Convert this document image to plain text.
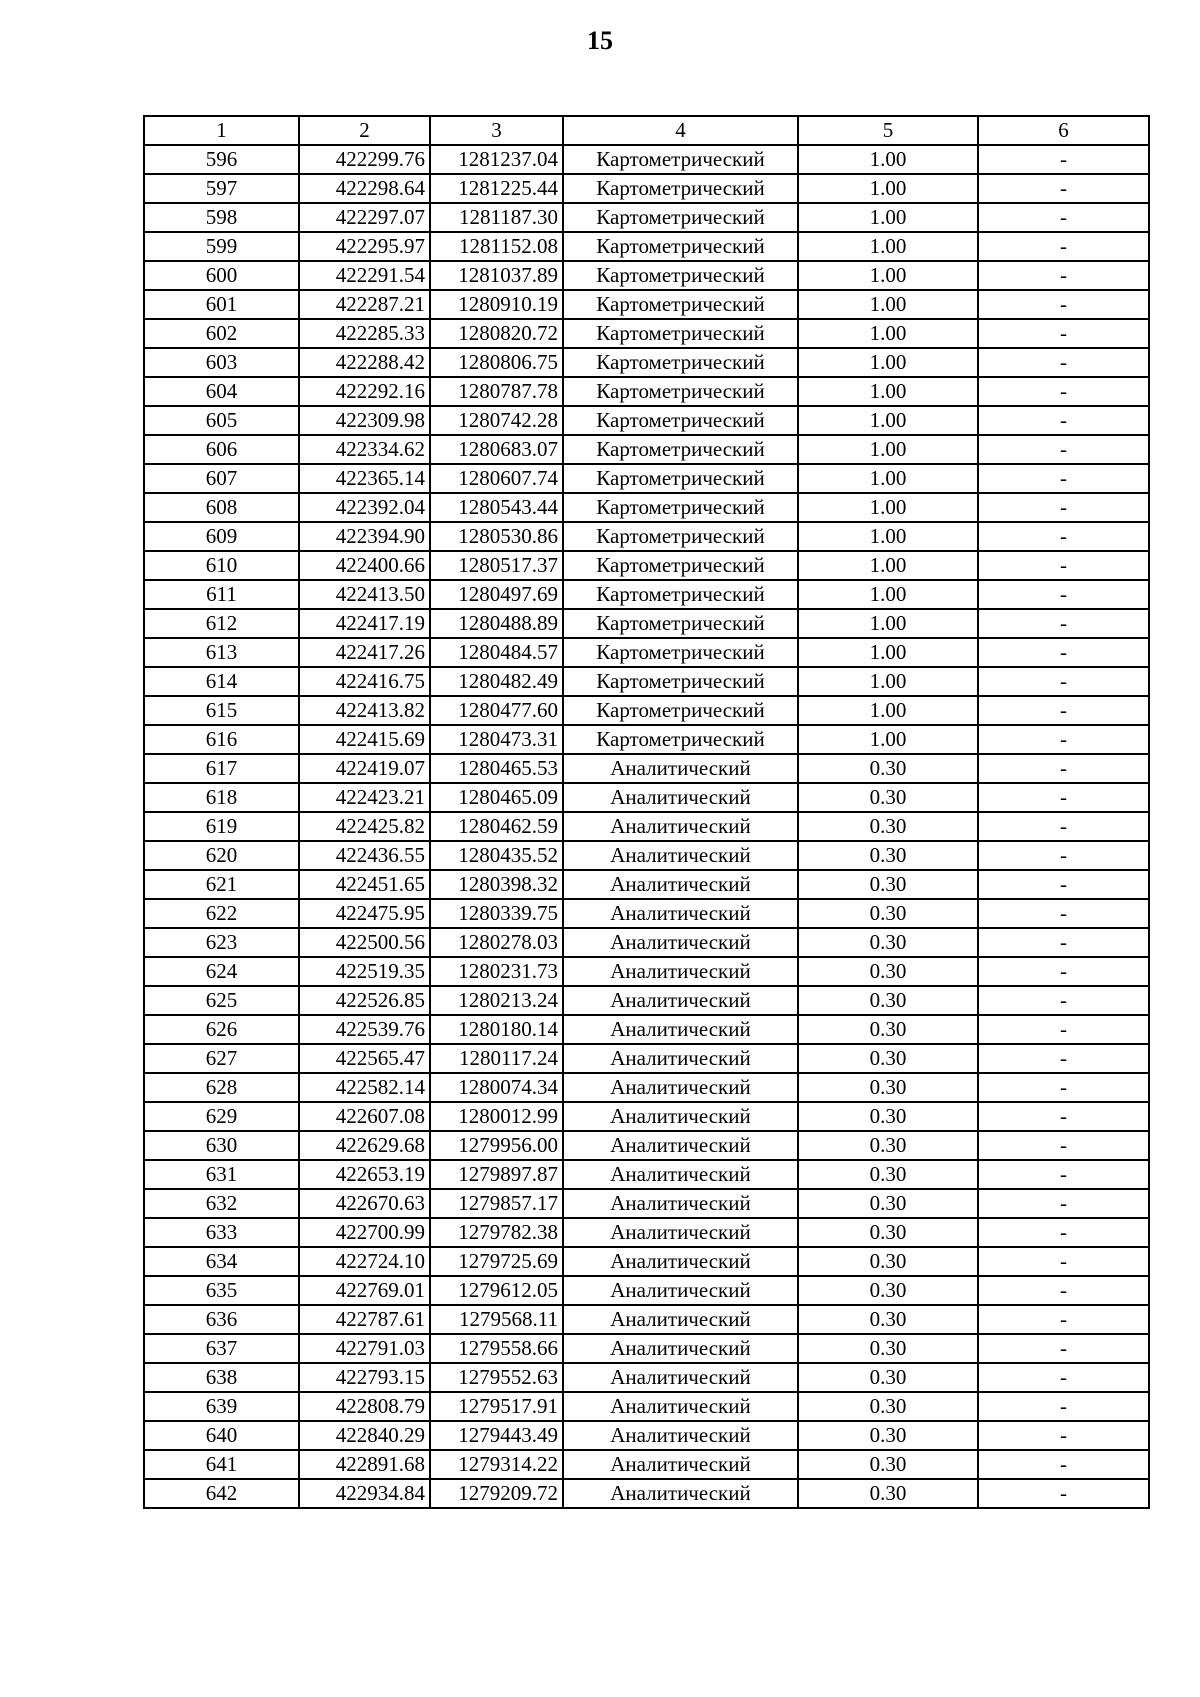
15
1	2	3	4	5	6
596	422299.76	1281237.04	Картометрический	1.00	-
597	422298.64	1281225.44	Картометрический	1.00	-
598	422297.07	1281187.30	Картометрический	1.00	-
599	422295.97	1281152.08	Картометрический	1.00	-
600	422291.54	1281037.89	Картометрический	1.00	-
601	422287.21	1280910.19	Картометрический	1.00	-
602	422285.33	1280820.72	Картометрический	1.00	-
603	422288.42	1280806.75	Картометрический	1.00	-
604	422292.16	1280787.78	Картометрический	1.00	-
605	422309.98	1280742.28	Картометрический	1.00	-
606	422334.62	1280683.07	Картометрический	1.00	-
607	422365.14	1280607.74	Картометрический	1.00	-
608	422392.04	1280543.44	Картометрический	1.00	-
609	422394.90	1280530.86	Картометрический	1.00	-
610	422400.66	1280517.37	Картометрический	1.00	-
611	422413.50	1280497.69	Картометрический	1.00	-
612	422417.19	1280488.89	Картометрический	1.00	-
613	422417.26	1280484.57	Картометрический	1.00	-
614	422416.75	1280482.49	Картометрический	1.00	-
615	422413.82	1280477.60	Картометрический	1.00	-
616	422415.69	1280473.31	Картометрический	1.00	-
617	422419.07	1280465.53	Аналитический	0.30	-
618	422423.21	1280465.09	Аналитический	0.30	-
619	422425.82	1280462.59	Аналитический	0.30	-
620	422436.55	1280435.52	Аналитический	0.30	-
621	422451.65	1280398.32	Аналитический	0.30	-
622	422475.95	1280339.75	Аналитический	0.30	-
623	422500.56	1280278.03	Аналитический	0.30	-
624	422519.35	1280231.73	Аналитический	0.30	-
625	422526.85	1280213.24	Аналитический	0.30	-
626	422539.76	1280180.14	Аналитический	0.30	-
627	422565.47	1280117.24	Аналитический	0.30	-
628	422582.14	1280074.34	Аналитический	0.30	-
629	422607.08	1280012.99	Аналитический	0.30	-
630	422629.68	1279956.00	Аналитический	0.30	-
631	422653.19	1279897.87	Аналитический	0.30	-
632	422670.63	1279857.17	Аналитический	0.30	-
633	422700.99	1279782.38	Аналитический	0.30	-
634	422724.10	1279725.69	Аналитический	0.30	-
635	422769.01	1279612.05	Аналитический	0.30	-
636	422787.61	1279568.11	Аналитический	0.30	-
637	422791.03	1279558.66	Аналитический	0.30	-
638	422793.15	1279552.63	Аналитический	0.30	-
639	422808.79	1279517.91	Аналитический	0.30	-
640	422840.29	1279443.49	Аналитический	0.30	-
641	422891.68	1279314.22	Аналитический	0.30	-
642	422934.84	1279209.72	Аналитический	0.30	-
